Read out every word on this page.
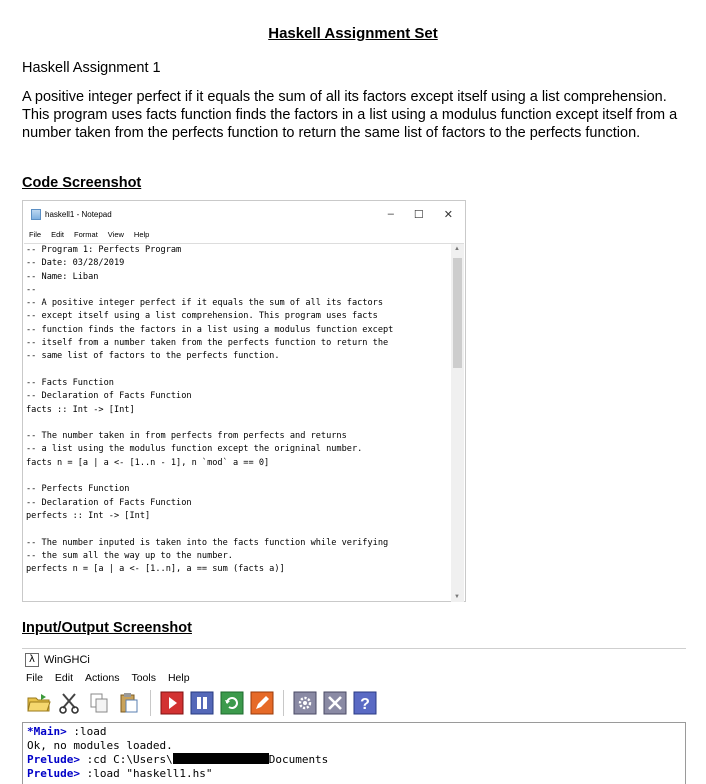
Haskell Assignment Set
Haskell Assignment 1
A positive integer perfect if it equals the sum of all its factors except itself using a list comprehension. This program uses facts function finds the factors in a list using a modulus function except itself from a number taken from the perfects function to return the same list of factors to the perfects function.
Code Screenshot
haskell1 - Notepad	– ☐ ✕
File Edit Format View Help
-- Program 1: Perfects Program
-- Date: 03/28/2019
-- Name: Liban
--
-- A positive integer perfect if it equals the sum of all its factors
-- except itself using a list comprehension. This program uses facts
-- function finds the factors in a list using a modulus function except
-- itself from a number taken from the perfects function to return the
-- same list of factors to the perfects function.

-- Facts Function
-- Declaration of Facts Function
facts :: Int -> [Int]

-- The number taken in from perfects from perfects and returns
-- a list using the modulus function except the origninal number.
facts n = [a | a <- [1..n - 1], n `mod` a == 0]

-- Perfects Function
-- Declaration of Facts Function
perfects :: Int -> [Int]

-- The number inputed is taken into the facts function while verifying
-- the sum all the way up to the number.
perfects n = [a | a <- [1..n], a == sum (facts a)]
▲
▼
Input/Output Screenshot
λ WinGHCi
File Edit Actions Tools Help
?
*Main> :load
Ok, no modules loaded.
Prelude> :cd C:\Users\	Documents
Prelude> :load "haskell1.hs"
